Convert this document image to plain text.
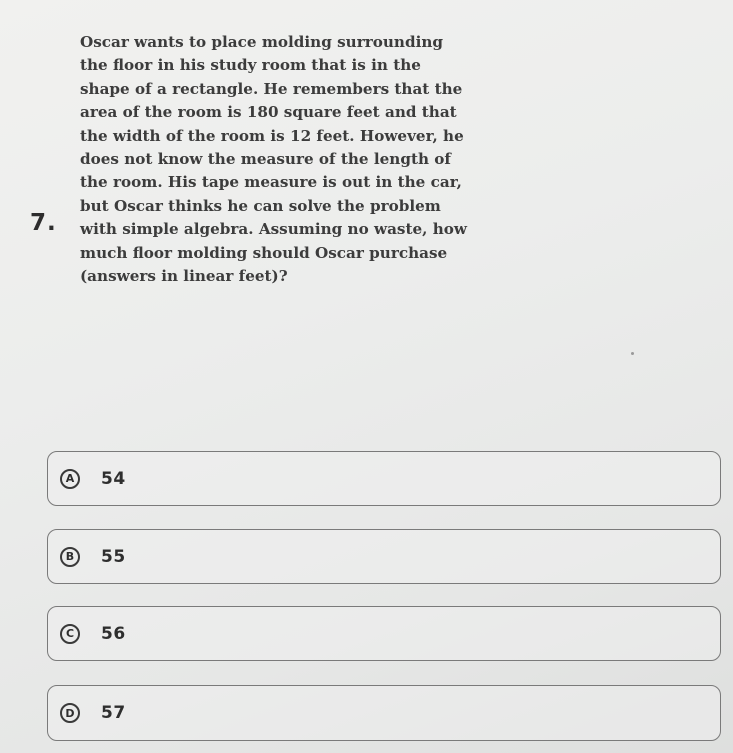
7.
Oscar wants to place molding surrounding
the floor in his study room that is in the
shape of a rectangle. He remembers that the
area of the room is 180 square feet and that
the width of the room is 12 feet. However, he
does not know the measure of the length of
the room. His tape measure is out in the car,
but Oscar thinks he can solve the problem
with simple algebra. Assuming no waste, how
much floor molding should Oscar purchase
(answers in linear feet)?
A	54
B	55
C	56
D	57
